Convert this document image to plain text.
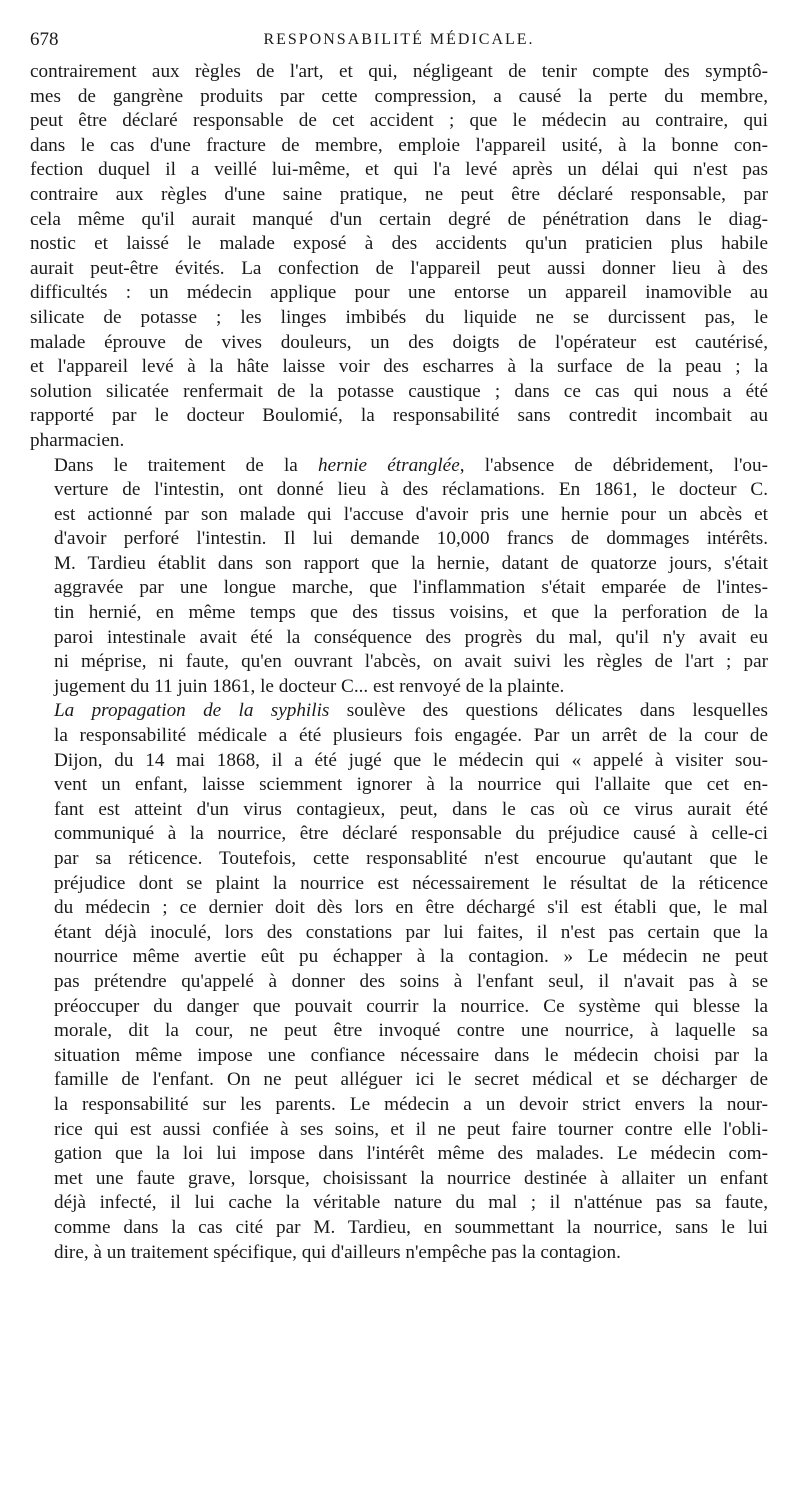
678	RESPONSABILITÉ MÉDICALE.
contrairement aux règles de l'art, et qui, négligeant de tenir compte des symptô-
mes de gangrène produits par cette compression, a causé la perte du membre,
peut être déclaré responsable de cet accident ; que le médecin au contraire, qui
dans le cas d'une fracture de membre, emploie l'appareil usité, à la bonne con-
fection duquel il a veillé lui-même, et qui l'a levé après un délai qui n'est pas
contraire aux règles d'une saine pratique, ne peut être déclaré responsable, par
cela même qu'il aurait manqué d'un certain degré de pénétration dans le diag-
nostic et laissé le malade exposé à des accidents qu'un praticien plus habile
aurait peut-être évités. La confection de l'appareil peut aussi donner lieu à des
difficultés : un médecin applique pour une entorse un appareil inamovible au
silicate de potasse ; les linges imbibés du liquide ne se durcissent pas, le
malade éprouve de vives douleurs, un des doigts de l'opérateur est cautérisé,
et l'appareil levé à la hâte laisse voir des escharres à la surface de la peau ; la
solution silicatée renfermait de la potasse caustique ; dans ce cas qui nous a été
rapporté par le docteur Boulomié, la responsabilité sans contredit incombait au
pharmacien.
Dans le traitement de la hernie étranglée, l'absence de débridement, l'ou-
verture de l'intestin, ont donné lieu à des réclamations. En 1861, le docteur C.
est actionné par son malade qui l'accuse d'avoir pris une hernie pour un abcès et
d'avoir perforé l'intestin. Il lui demande 10,000 francs de dommages intérêts.
M. Tardieu établit dans son rapport que la hernie, datant de quatorze jours, s'était
aggravée par une longue marche, que l'inflammation s'était emparée de l'intes-
tin hernié, en même temps que des tissus voisins, et que la perforation de la
paroi intestinale avait été la conséquence des progrès du mal, qu'il n'y avait eu
ni méprise, ni faute, qu'en ouvrant l'abcès, on avait suivi les règles de l'art ; par
jugement du 11 juin 1861, le docteur C... est renvoyé de la plainte.
La propagation de la syphilis soulève des questions délicates dans lesquelles
la responsabilité médicale a été plusieurs fois engagée. Par un arrêt de la cour de
Dijon, du 14 mai 1868, il a été jugé que le médecin qui « appelé à visiter sou-
vent un enfant, laisse sciemment ignorer à la nourrice qui l'allaite que cet en-
fant est atteint d'un virus contagieux, peut, dans le cas où ce virus aurait été
communiqué à la nourrice, être déclaré responsable du préjudice causé à celle-ci
par sa réticence. Toutefois, cette responsablité n'est encourue qu'autant que le
préjudice dont se plaint la nourrice est nécessairement le résultat de la réticence
du médecin ; ce dernier doit dès lors en être déchargé s'il est établi que, le mal
étant déjà inoculé, lors des constations par lui faites, il n'est pas certain que la
nourrice même avertie eût pu échapper à la contagion. » Le médecin ne peut
pas prétendre qu'appelé à donner des soins à l'enfant seul, il n'avait pas à se
préoccuper du danger que pouvait courrir la nourrice. Ce système qui blesse la
morale, dit la cour, ne peut être invoqué contre une nourrice, à laquelle sa
situation même impose une confiance nécessaire dans le médecin choisi par la
famille de l'enfant. On ne peut alléguer ici le secret médical et se décharger de
la responsabilité sur les parents. Le médecin a un devoir strict envers la nour-
rice qui est aussi confiée à ses soins, et il ne peut faire tourner contre elle l'obli-
gation que la loi lui impose dans l'intérêt même des malades. Le médecin com-
met une faute grave, lorsque, choisissant la nourrice destinée à allaiter un enfant
déjà infecté, il lui cache la véritable nature du mal ; il n'atténue pas sa faute,
comme dans la cas cité par M. Tardieu, en soummettant la nourrice, sans le lui
dire, à un traitement spécifique, qui d'ailleurs n'empêche pas la contagion.
